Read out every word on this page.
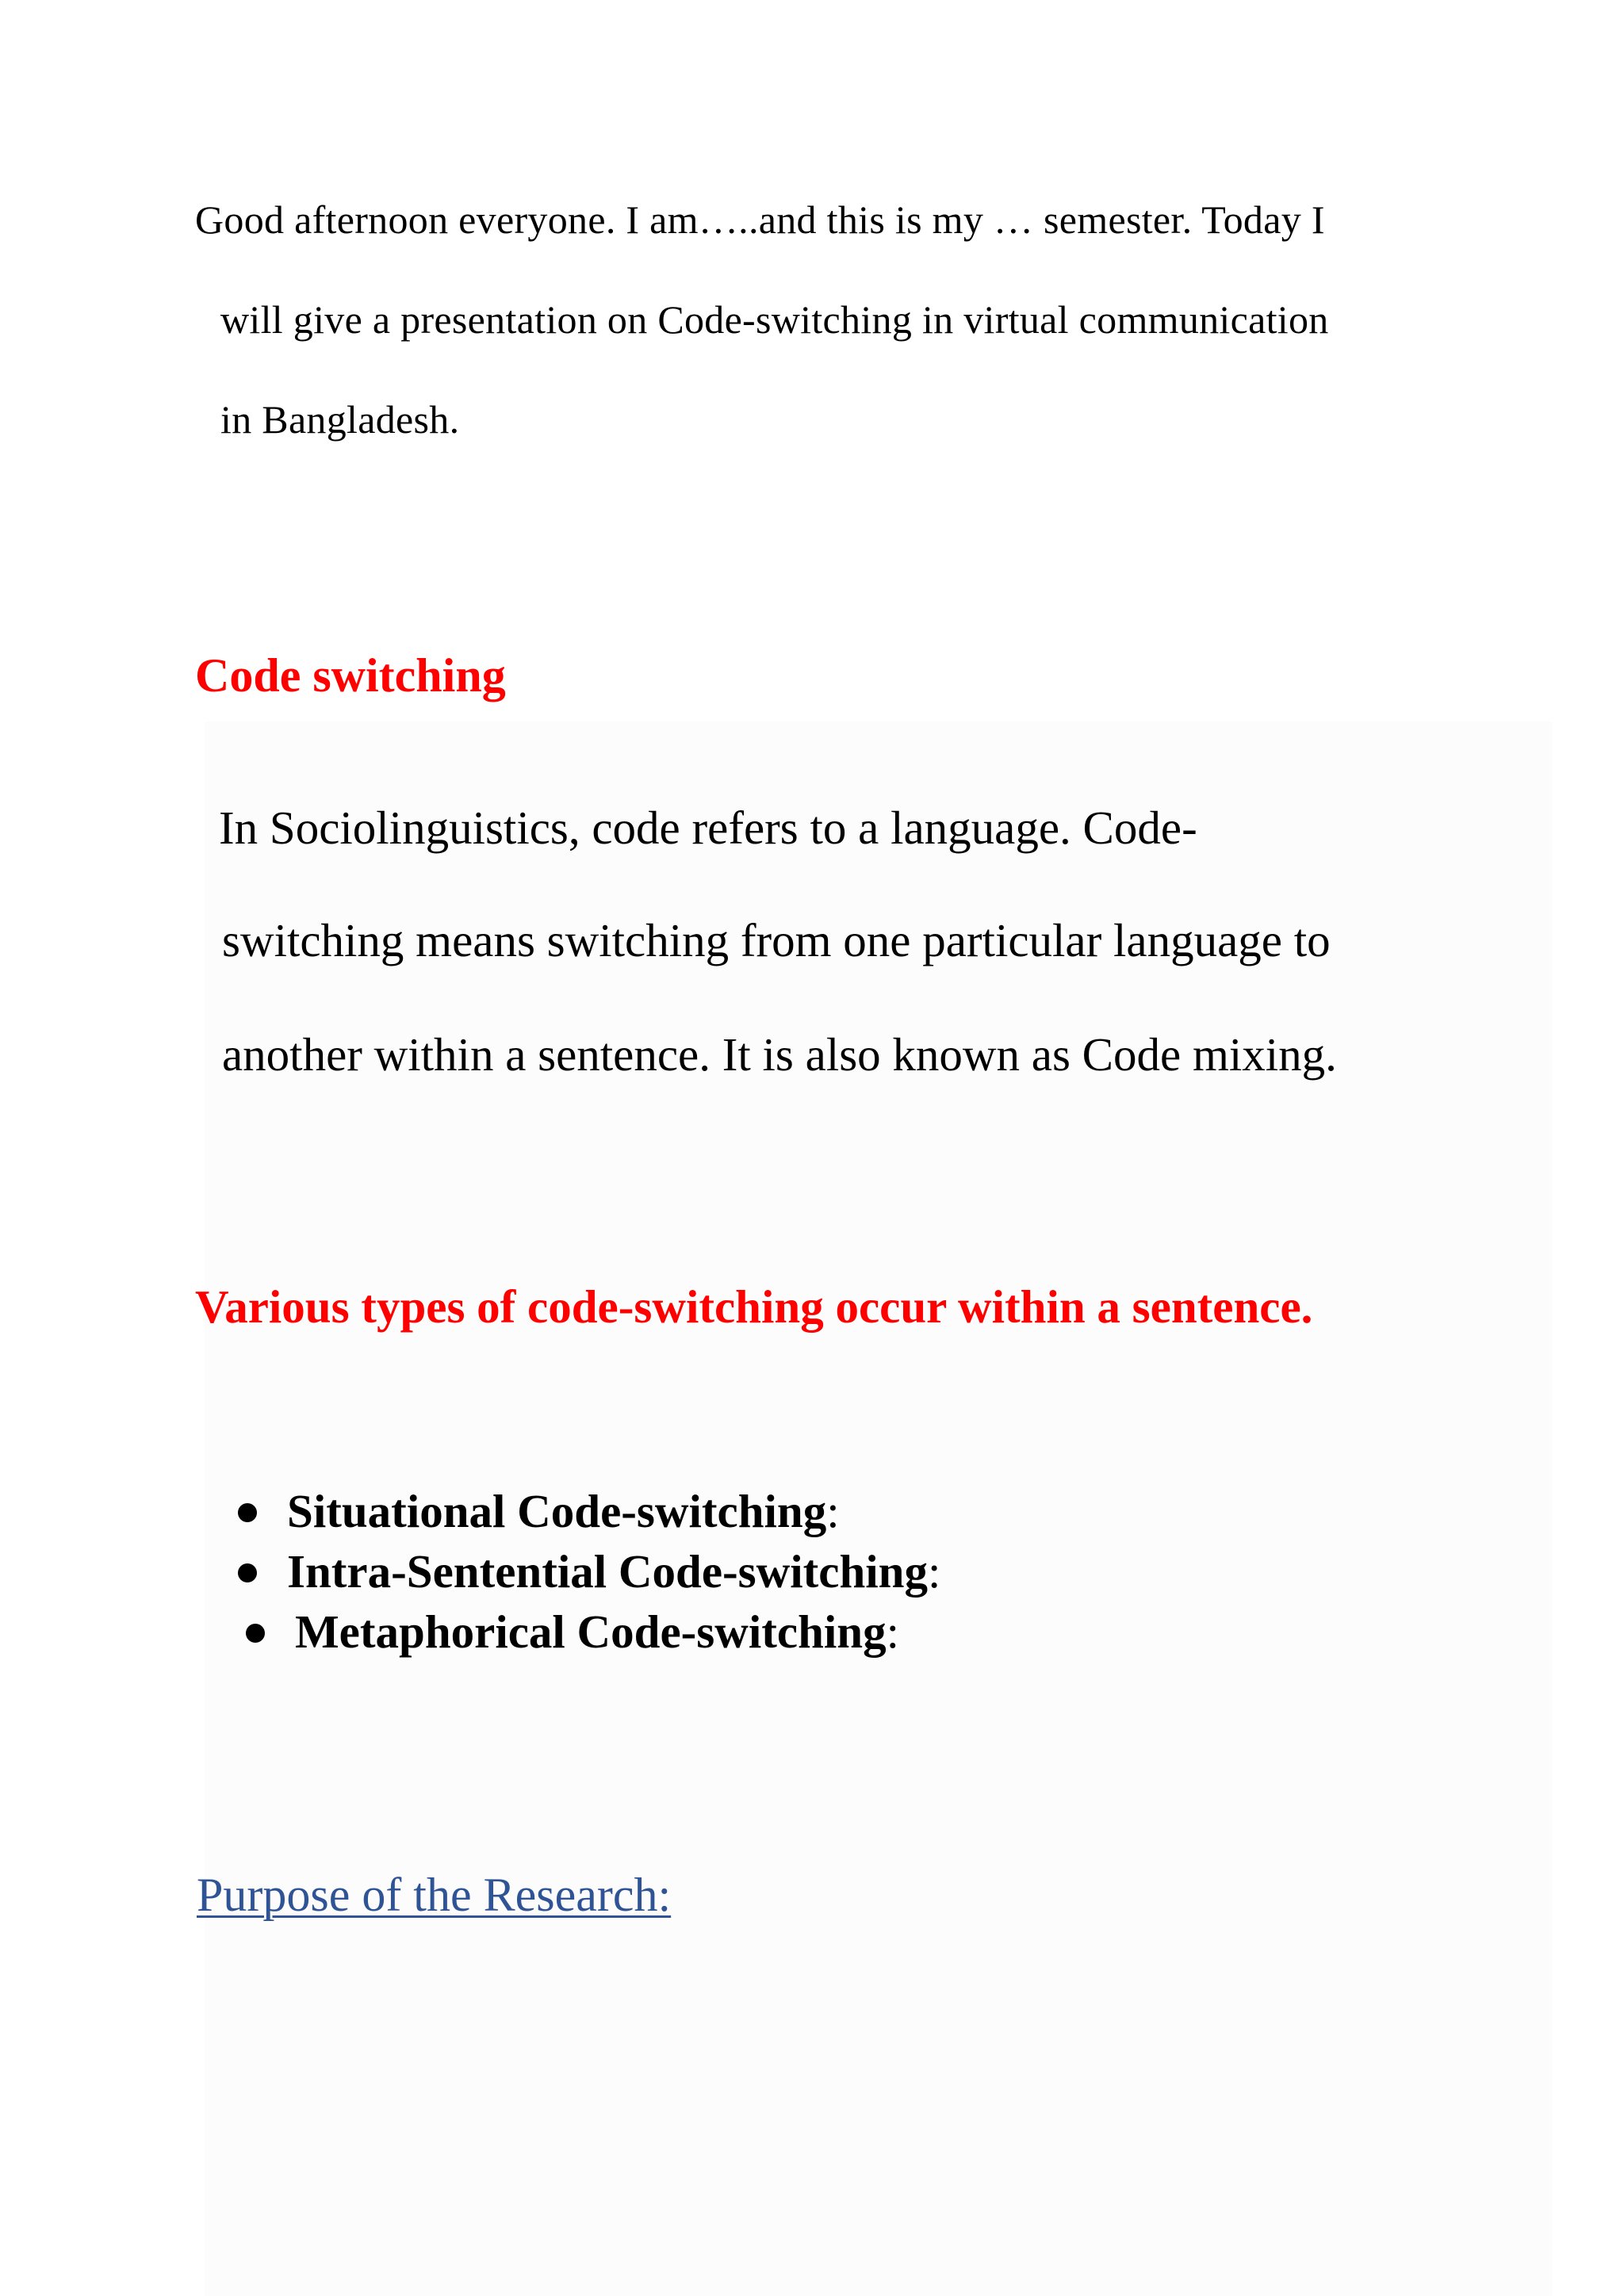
Good afternoon everyone. I am…..and this is my … semester. Today I

will give a presentation on Code-switching in virtual communication

in Bangladesh.

Code switching

In Sociolinguistics, code refers to a language. Code-

switching means switching from one particular language to

another within a sentence. It is also known as Code mixing.

Various types of code-switching occur within a sentence.
Situational Code-switching:
Intra-Sentential Code-switching:
Metaphorical Code-switching:
Purpose of the Research:
